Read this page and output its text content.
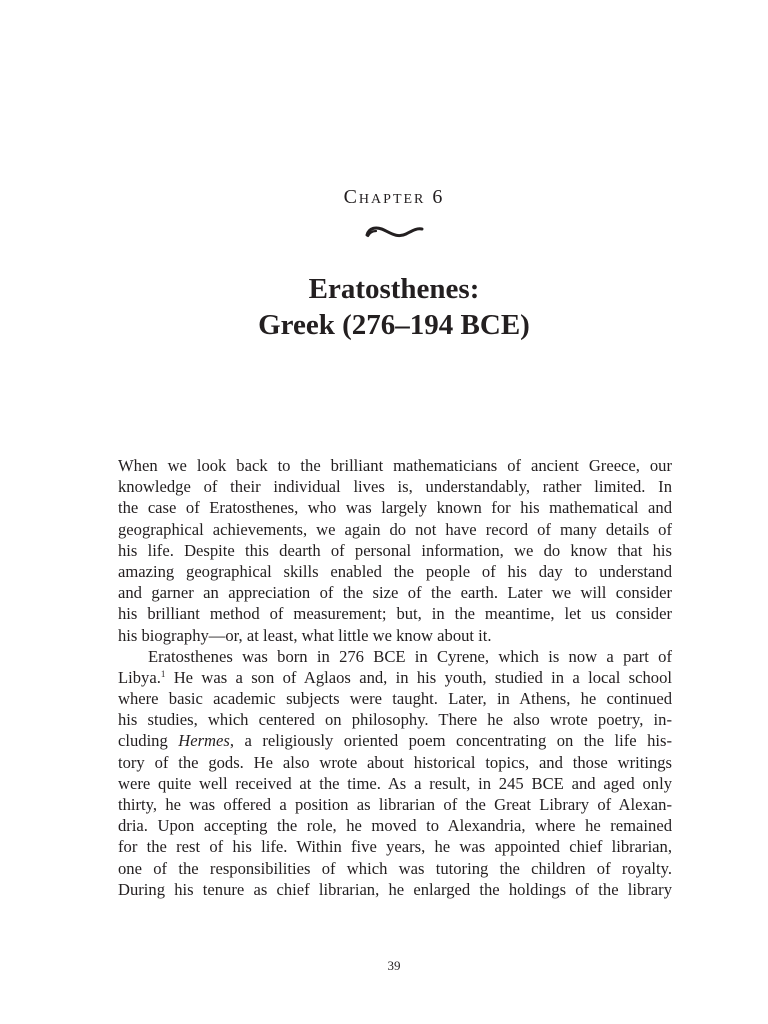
Chapter 6
Eratosthenes:
Greek (276–194 BCE)
When we look back to the brilliant mathematicians of ancient Greece, our
knowledge of their individual lives is, understandably, rather limited. In
the case of Eratosthenes, who was largely known for his mathematical and
geographical achievements, we again do not have record of many details of
his life. Despite this dearth of personal information, we do know that his
amazing geographical skills enabled the people of his day to understand
and garner an appreciation of the size of the earth. Later we will consider
his brilliant method of measurement; but, in the meantime, let us consider
his biography—or, at least, what little we know about it.
Eratosthenes was born in 276 BCE in Cyrene, which is now a part of
Libya.$^1$ He was a son of Aglaos and, in his youth, studied in a local school
where basic academic subjects were taught. Later, in Athens, he continued
his studies, which centered on philosophy. There he also wrote poetry, in-
cluding Hermes, a religiously oriented poem concentrating on the life his-
tory of the gods. He also wrote about historical topics, and those writings
were quite well received at the time. As a result, in 245 BCE and aged only
thirty, he was offered a position as librarian of the Great Library of Alexan-
dria. Upon accepting the role, he moved to Alexandria, where he remained
for the rest of his life. Within five years, he was appointed chief librarian,
one of the responsibilities of which was tutoring the children of royalty.
During his tenure as chief librarian, he enlarged the holdings of the library
39
